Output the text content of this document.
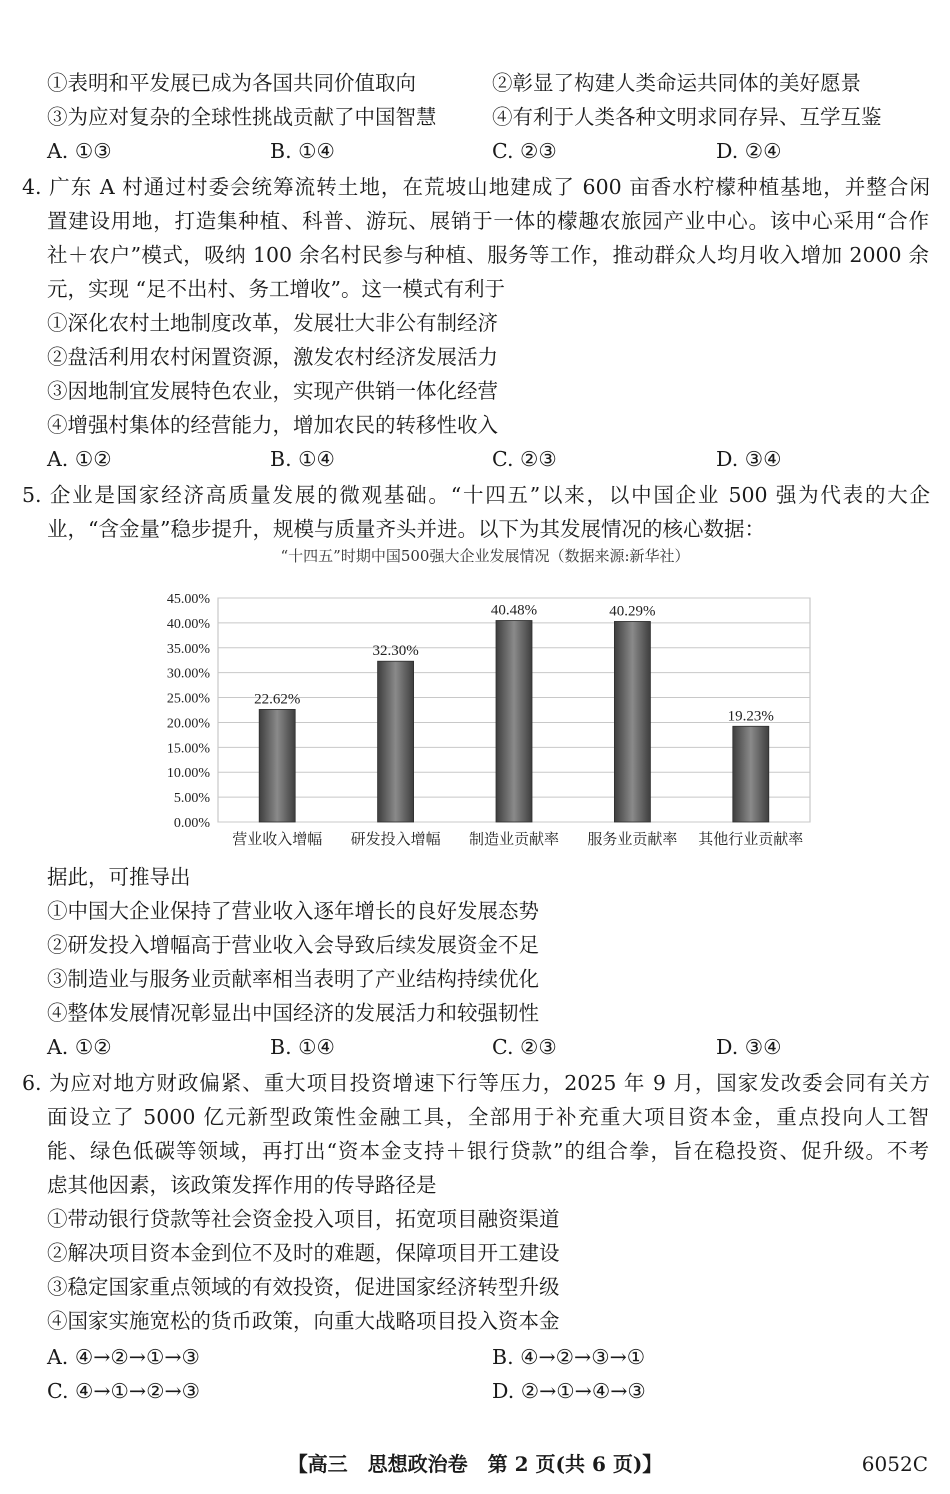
①表明和平发展已成为各国共同价值取向	②彰显了构建人类命运共同体的美好愿景
③为应对复杂的全球性挑战贡献了中国智慧	④有利于人类各种文明求同存异、互学互鉴
A. ①③	B. ①④	C. ②③	D. ②④
4. 广东 A 村通过村委会统筹流转土地，在荒坡山地建成了 600 亩香水柠檬种植基地，并整合闲
置建设用地，打造集种植、科普、游玩、展销于一体的檬趣农旅园产业中心。该中心采用“合作
社＋农户”模式，吸纳 100 余名村民参与种植、服务等工作，推动群众人均月收入增加 2000 余
元，实现 “足不出村、务工增收”。这一模式有利于
①深化农村土地制度改革，发展壮大非公有制经济
②盘活利用农村闲置资源，激发农村经济发展活力
③因地制宜发展特色农业，实现产供销一体化经营
④增强村集体的经营能力，增加农民的转移性收入
A. ①②	B. ①④	C. ②③	D. ③④
5. 企业是国家经济高质量发展的微观基础。“十四五”以来，以中国企业 500 强为代表的大企
业，“含金量”稳步提升，规模与质量齐头并进。以下为其发展情况的核心数据：
“十四五”时期中国500强大企业发展情况（数据来源:新华社）
0.00%
5.00%
10.00%
15.00%
20.00%
25.00%
30.00%
35.00%
40.00%
45.00%
22.62%
营业收入增幅
32.30%
研发投入增幅
40.48%
制造业贡献率
40.29%
服务业贡献率
19.23%
其他行业贡献率
据此，可推导出
①中国大企业保持了营业收入逐年增长的良好发展态势
②研发投入增幅高于营业收入会导致后续发展资金不足
③制造业与服务业贡献率相当表明了产业结构持续优化
④整体发展情况彰显出中国经济的发展活力和较强韧性
A. ①②	B. ①④	C. ②③	D. ③④
6. 为应对地方财政偏紧、重大项目投资增速下行等压力，2025 年 9 月，国家发改委会同有关方
面设立了 5000 亿元新型政策性金融工具，全部用于补充重大项目资本金，重点投向人工智
能、绿色低碳等领域，再打出“资本金支持＋银行贷款”的组合拳，旨在稳投资、促升级。不考
虑其他因素，该政策发挥作用的传导路径是
①带动银行贷款等社会资金投入项目，拓宽项目融资渠道
②解决项目资本金到位不及时的难题，保障项目开工建设
③稳定国家重点领域的有效投资，促进国家经济转型升级
④国家实施宽松的货币政策，向重大战略项目投入资本金
A. ④→②→①→③	B. ④→②→③→①
C. ④→①→②→③	D. ②→①→④→③
【高三　思想政治卷　第 2 页(共 6 页)】	6052C
